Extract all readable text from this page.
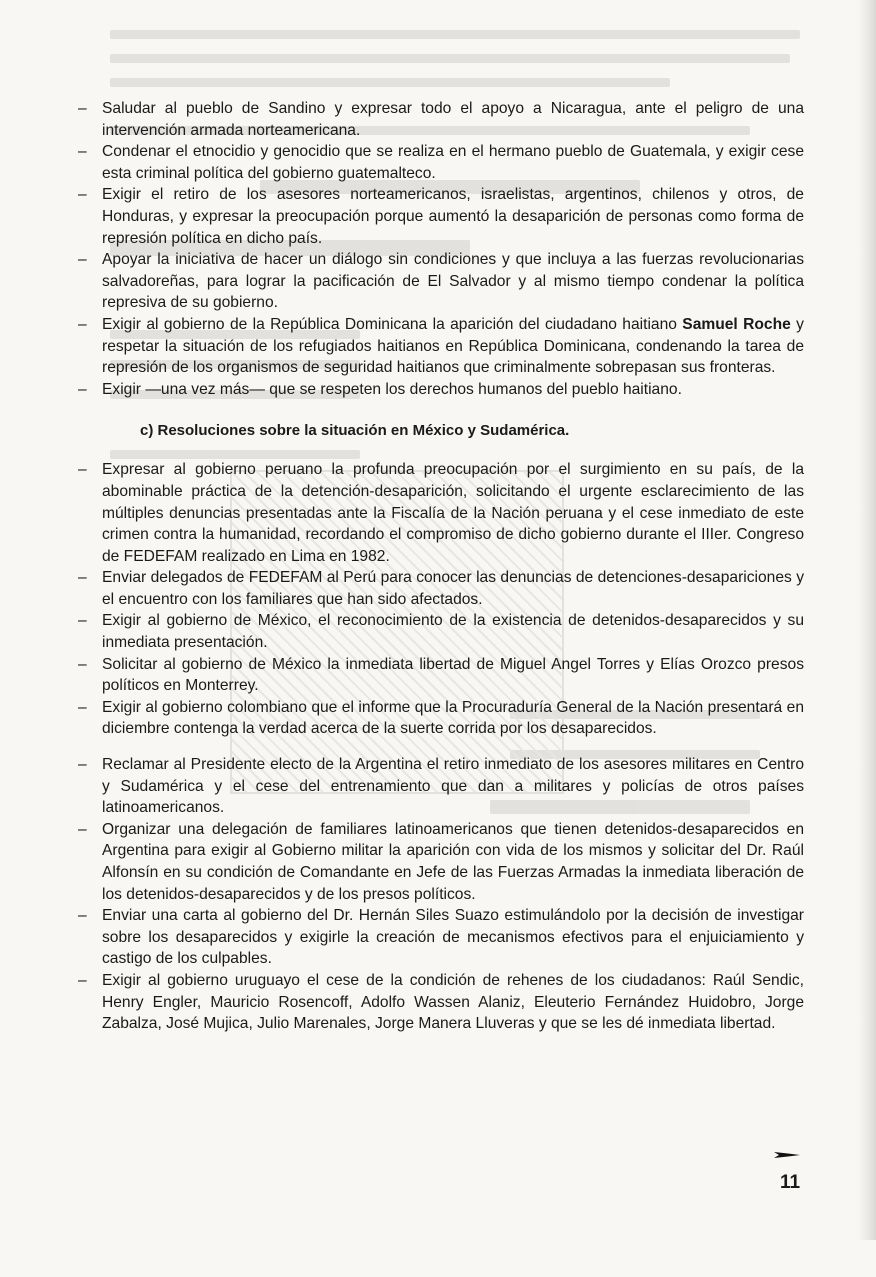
– Saludar al pueblo de Sandino y expresar todo el apoyo a Nicaragua, ante el peligro de una intervención armada norteamericana.
– Condenar el etnocidio y genocidio que se realiza en el hermano pueblo de Guatemala, y exigir cese esta criminal política del gobierno guatemalteco.
– Exigir el retiro de los asesores norteamericanos, israelistas, argentinos, chilenos y otros, de Honduras, y expresar la preocupación porque aumentó la desaparición de personas como forma de represión política en dicho país.
– Apoyar la iniciativa de hacer un diálogo sin condiciones y que incluya a las fuerzas revolucionarias salvadoreñas, para lograr la pacificación de El Salvador y al mismo tiempo condenar la política represiva de su gobierno.
– Exigir al gobierno de la República Dominicana la aparición del ciudadano haitiano Samuel Roche y respetar la situación de los refugiados haitianos en República Dominicana, condenando la tarea de represión de los organismos de seguridad haitianos que criminalmente sobrepasan sus fronteras.
– Exigir —una vez más— que se respeten los derechos humanos del pueblo haitiano.
c) Resoluciones sobre la situación en México y Sudamérica.
– Expresar al gobierno peruano la profunda preocupación por el surgimiento en su país, de la abominable práctica de la detención-desaparición, solicitando el urgente esclarecimiento de las múltiples denuncias presentadas ante la Fiscalía de la Nación peruana y el cese inmediato de este crimen contra la humanidad, recordando el compromiso de dicho gobierno durante el IIIer. Congreso de FEDEFAM realizado en Lima en 1982.
– Enviar delegados de FEDEFAM al Perú para conocer las denuncias de detenciones-desapariciones y el encuentro con los familiares que han sido afectados.
– Exigir al gobierno de México, el reconocimiento de la existencia de detenidos-desaparecidos y su inmediata presentación.
– Solicitar al gobierno de México la inmediata libertad de Miguel Angel Torres y Elías Orozco presos políticos en Monterrey.
– Exigir al gobierno colombiano que el informe que la Procuraduría General de la Nación presentará en diciembre contenga la verdad acerca de la suerte corrida por los desaparecidos.
– Reclamar al Presidente electo de la Argentina el retiro inmediato de los asesores militares en Centro y Sudamérica y el cese del entrenamiento que dan a militares y policías de otros países latinoamericanos.
– Organizar una delegación de familiares latinoamericanos que tienen detenidos-desaparecidos en Argentina para exigir al Gobierno militar la aparición con vida de los mismos y solicitar del Dr. Raúl Alfonsín en su condición de Comandante en Jefe de las Fuerzas Armadas la inmediata liberación de los detenidos-desaparecidos y de los presos políticos.
– Enviar una carta al gobierno del Dr. Hernán Siles Suazo estimulándolo por la decisión de investigar sobre los desaparecidos y exigirle la creación de mecanismos efectivos para el enjuiciamiento y castigo de los culpables.
– Exigir al gobierno uruguayo el cese de la condición de rehenes de los ciudadanos: Raúl Sendic, Henry Engler, Mauricio Rosencoff, Adolfo Wassen Alaniz, Eleuterio Fernández Huidobro, Jorge Zabalza, José Mujica, Julio Marenales, Jorge Manera Lluveras y que se les dé inmediata libertad.
11
